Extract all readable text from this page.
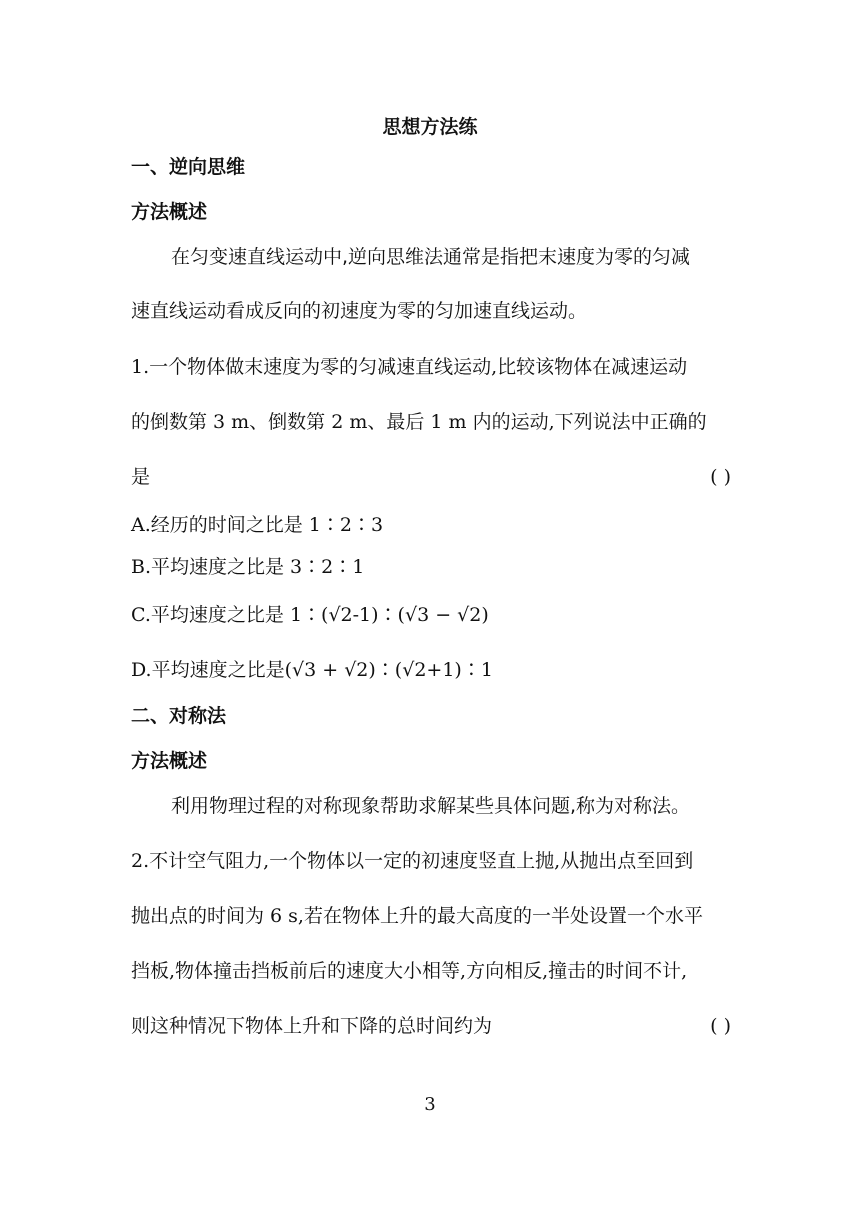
思想方法练
一、逆向思维
方法概述
在匀变速直线运动中,逆向思维法通常是指把末速度为零的匀减
速直线运动看成反向的初速度为零的匀加速直线运动。
1.一个物体做末速度为零的匀减速直线运动,比较该物体在减速运动
的倒数第 3 m、倒数第 2 m、最后 1 m 内的运动,下列说法中正确的
是	( )
A.经历的时间之比是 1∶2∶3
B.平均速度之比是 3∶2∶1
C.平均速度之比是 1∶(√2-1)∶(√3 − √2)
D.平均速度之比是(√3 + √2)∶(√2+1)∶1
二、对称法
方法概述
利用物理过程的对称现象帮助求解某些具体问题,称为对称法。
2.不计空气阻力,一个物体以一定的初速度竖直上抛,从抛出点至回到
抛出点的时间为 6 s,若在物体上升的最大高度的一半处设置一个水平
挡板,物体撞击挡板前后的速度大小相等,方向相反,撞击的时间不计,
则这种情况下物体上升和下降的总时间约为	( )
3
